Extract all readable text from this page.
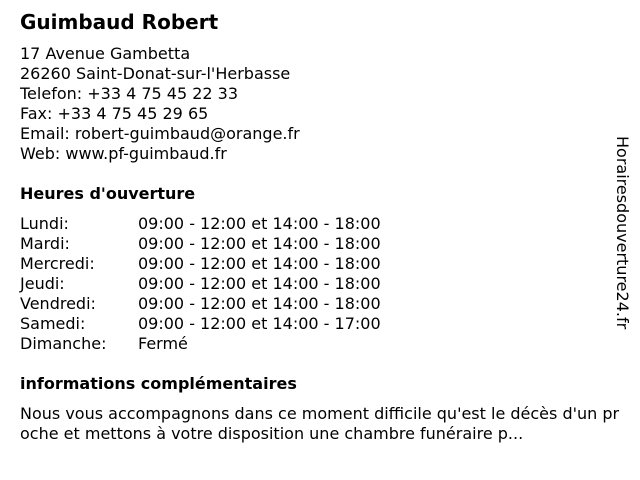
Guimbaud Robert
17 Avenue Gambetta
26260 Saint-Donat-sur-l'Herbasse
Telefon: +33 4 75 45 22 33
Fax: +33 4 75 45 29 65
Email: robert-guimbaud@orange.fr
Web: www.pf-guimbaud.fr
Heures d'ouverture
Lundi:	09:00 - 12:00 et 14:00 - 18:00
Mardi:	09:00 - 12:00 et 14:00 - 18:00
Mercredi:	09:00 - 12:00 et 14:00 - 18:00
Jeudi:	09:00 - 12:00 et 14:00 - 18:00
Vendredi:	09:00 - 12:00 et 14:00 - 18:00
Samedi:	09:00 - 12:00 et 14:00 - 17:00
Dimanche: Fermé
informations complémentaires
Nous vous accompagnons dans ce moment difficile qu'est le décès d'un proche et mettons à votre disposition une chambre funéraire p...
Horairesdouverture24.fr
